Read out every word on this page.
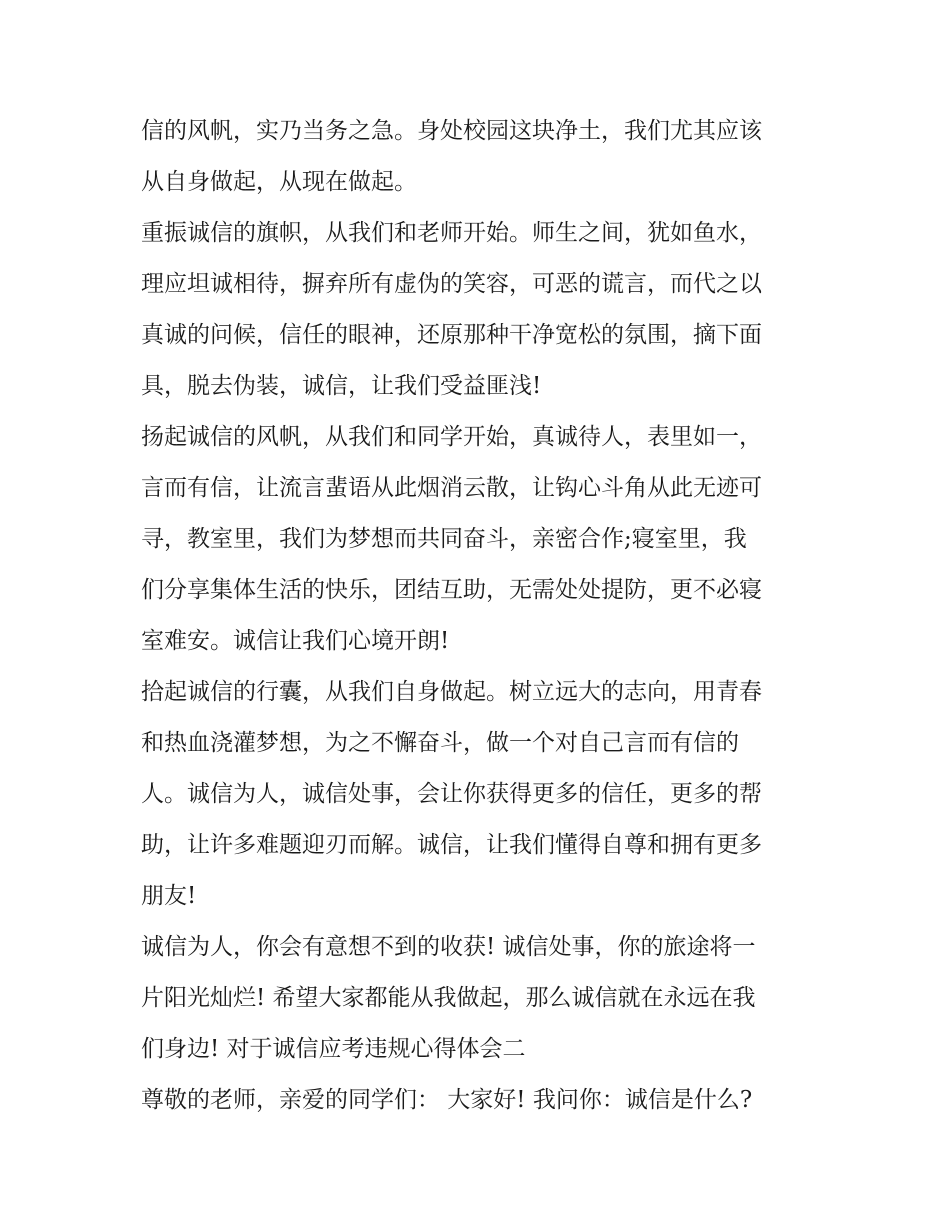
信的风帆，实乃当务之急。身处校园这块净土，我们尤其应该
从自身做起，从现在做起。
重振诚信的旗帜，从我们和老师开始。师生之间，犹如鱼水，
理应坦诚相待，摒弃所有虚伪的笑容，可恶的谎言，而代之以
真诚的问候，信任的眼神，还原那种干净宽松的氛围，摘下面
具，脱去伪装，诚信，让我们受益匪浅!
扬起诚信的风帆，从我们和同学开始，真诚待人，表里如一，
言而有信，让流言蜚语从此烟消云散，让钩心斗角从此无迹可
寻，教室里，我们为梦想而共同奋斗，亲密合作;寝室里，我
们分享集体生活的快乐，团结互助，无需处处提防，更不必寝
室难安。诚信让我们心境开朗!
拾起诚信的行囊，从我们自身做起。树立远大的志向，用青春
和热血浇灌梦想，为之不懈奋斗，做一个对自己言而有信的
人。诚信为人，诚信处事，会让你获得更多的信任，更多的帮
助，让许多难题迎刃而解。诚信，让我们懂得自尊和拥有更多
朋友!
诚信为人，你会有意想不到的收获! 诚信处事，你的旅途将一
片阳光灿烂! 希望大家都能从我做起，那么诚信就在永远在我
们身边! 对于诚信应考违规心得体会二
尊敬的老师，亲爱的同学们： 大家好! 我问你：诚信是什么?
